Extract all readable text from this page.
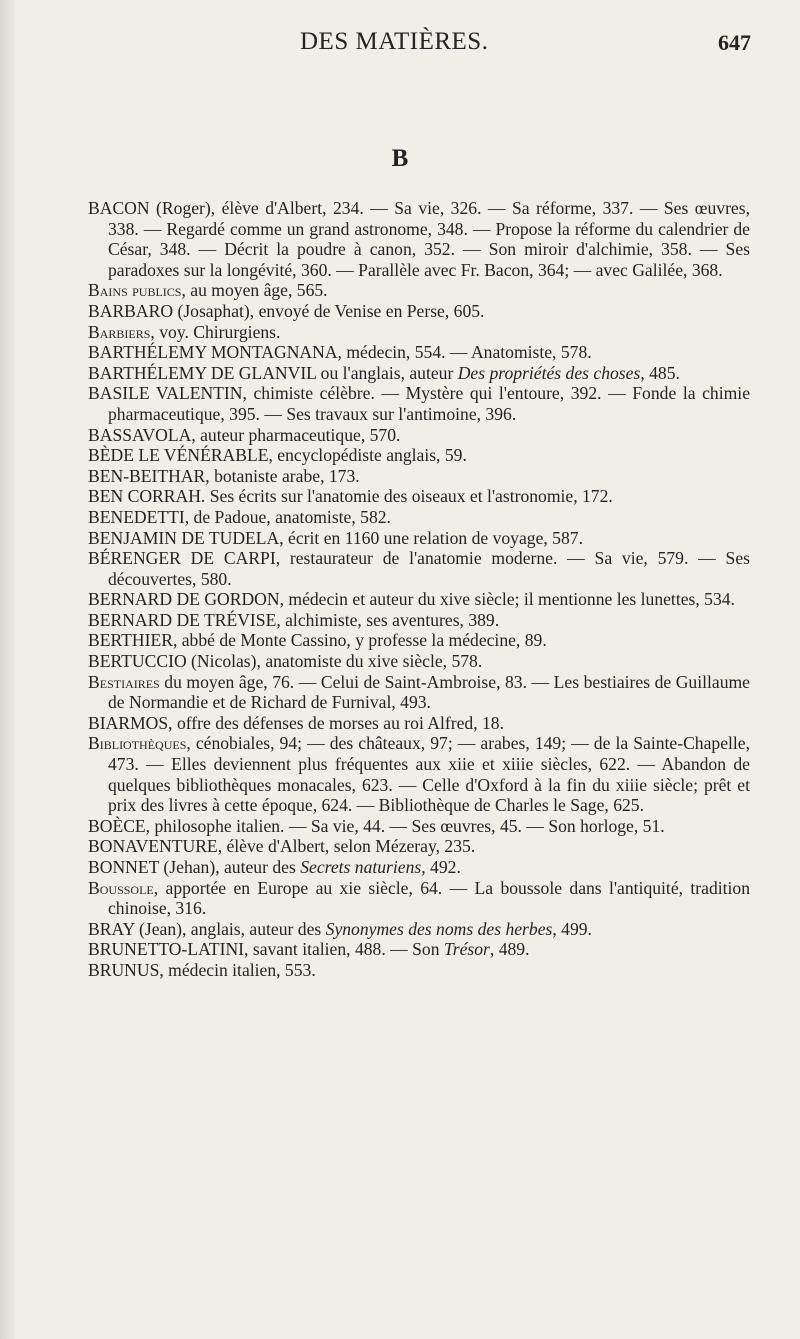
DES MATIÈRES.	647
B

BACON (Roger), élève d'Albert, 234. — Sa vie, 326. — Sa réforme, 337. — Ses œuvres, 338. — Regardé comme un grand astronome, 348. — Propose la réforme du calendrier de César, 348. — Décrit la poudre à canon, 352. — Son miroir d'alchimie, 358. — Ses paradoxes sur la longévité, 360. — Parallèle avec Fr. Bacon, 364; — avec Galilée, 368.

Bains publics, au moyen âge, 565.

BARBARO (Josaphat), envoyé de Venise en Perse, 605.

Barbiers, voy. Chirurgiens.

BARTHÉLEMY MONTAGNANA, médecin, 554. — Anatomiste, 578.

BARTHÉLEMY DE GLANVIL ou l'anglais, auteur Des propriétés des choses, 485.

BASILE VALENTIN, chimiste célèbre. — Mystère qui l'entoure, 392. — Fonde la chimie pharmaceutique, 395. — Ses travaux sur l'antimoine, 396.

BASSAVOLA, auteur pharmaceutique, 570.

BÈDE LE VÉNÉRABLE, encyclopédiste anglais, 59.

BEN-BEITHAR, botaniste arabe, 173.

BEN CORRAH. Ses écrits sur l'anatomie des oiseaux et l'astronomie, 172.

BENEDETTI, de Padoue, anatomiste, 582.

BENJAMIN DE TUDELA, écrit en 1160 une relation de voyage, 587.

BÉRENGER DE CARPI, restaurateur de l'anatomie moderne. — Sa vie, 579. — Ses découvertes, 580.

BERNARD DE GORDON, médecin et auteur du xive siècle; il mentionne les lunettes, 534.

BERNARD DE TRÉVISE, alchimiste, ses aventures, 389.

BERTHIER, abbé de Monte Cassino, y professe la médecine, 89.

BERTUCCIO (Nicolas), anatomiste du xive siècle, 578.

Bestiaires du moyen âge, 76. — Celui de Saint-Ambroise, 83. — Les bestiaires de Guillaume de Normandie et de Richard de Furnival, 493.

BIARMOS, offre des défenses de morses au roi Alfred, 18.

Bibliothèques, cénobiales, 94; — des châteaux, 97; — arabes, 149; — de la Sainte-Chapelle, 473. — Elles deviennent plus fréquentes aux xiie et xiiie siècles, 622. — Abandon de quelques bibliothèques monacales, 623. — Celle d'Oxford à la fin du xiiie siècle; prêt et prix des livres à cette époque, 624. — Bibliothèque de Charles le Sage, 625.

BOÈCE, philosophe italien. — Sa vie, 44. — Ses œuvres, 45. — Son horloge, 51.

BONAVENTURE, élève d'Albert, selon Mézeray, 235.

BONNET (Jehan), auteur des Secrets naturiens, 492.

Boussole, apportée en Europe au xie siècle, 64. — La boussole dans l'antiquité, tradition chinoise, 316.

BRAY (Jean), anglais, auteur des Synonymes des noms des herbes, 499.

BRUNETTO-LATINI, savant italien, 488. — Son Trésor, 489.

BRUNUS, médecin italien, 553.
